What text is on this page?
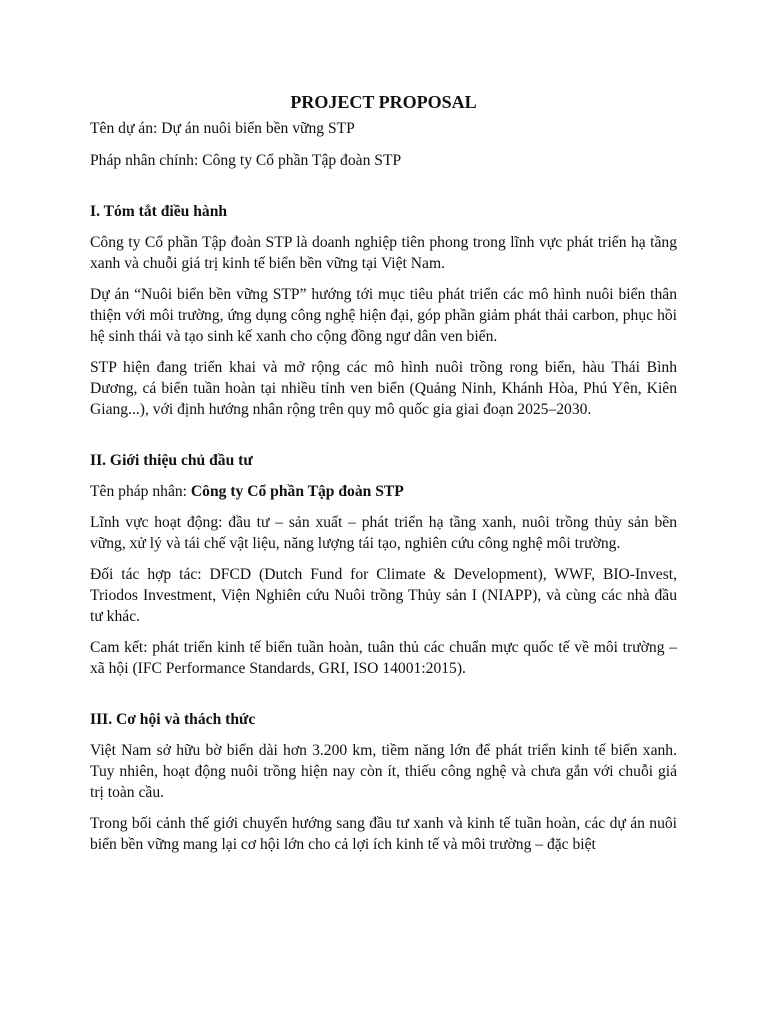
PROJECT PROPOSAL

Tên dự án: Dự án nuôi biển bền vững STP

Pháp nhân chính: Công ty Cổ phần Tập đoàn STP

I. Tóm tắt điều hành

Công ty Cổ phần Tập đoàn STP là doanh nghiệp tiên phong trong lĩnh vực phát triển hạ tầng xanh và chuỗi giá trị kinh tế biển bền vững tại Việt Nam.

Dự án “Nuôi biển bền vững STP” hướng tới mục tiêu phát triển các mô hình nuôi biển thân thiện với môi trường, ứng dụng công nghệ hiện đại, góp phần giảm phát thải carbon, phục hồi hệ sinh thái và tạo sinh kế xanh cho cộng đồng ngư dân ven biển.

STP hiện đang triển khai và mở rộng các mô hình nuôi trồng rong biển, hàu Thái Bình Dương, cá biển tuần hoàn tại nhiều tỉnh ven biển (Quảng Ninh, Khánh Hòa, Phú Yên, Kiên Giang...), với định hướng nhân rộng trên quy mô quốc gia giai đoạn 2025–2030.

II. Giới thiệu chủ đầu tư

Tên pháp nhân: Công ty Cổ phần Tập đoàn STP

Lĩnh vực hoạt động: đầu tư – sản xuất – phát triển hạ tầng xanh, nuôi trồng thủy sản bền vững, xử lý và tái chế vật liệu, năng lượng tái tạo, nghiên cứu công nghệ môi trường.

Đối tác hợp tác: DFCD (Dutch Fund for Climate & Development), WWF, BIO-Invest, Triodos Investment, Viện Nghiên cứu Nuôi trồng Thủy sản I (NIAPP), và cùng các nhà đầu tư khác.

Cam kết: phát triển kinh tế biển tuần hoàn, tuân thủ các chuẩn mực quốc tế về môi trường – xã hội (IFC Performance Standards, GRI, ISO 14001:2015).

III. Cơ hội và thách thức

Việt Nam sở hữu bờ biển dài hơn 3.200 km, tiềm năng lớn để phát triển kinh tế biển xanh. Tuy nhiên, hoạt động nuôi trồng hiện nay còn ít, thiếu công nghệ và chưa gắn với chuỗi giá trị toàn cầu.

Trong bối cảnh thế giới chuyển hướng sang đầu tư xanh và kinh tế tuần hoàn, các dự án nuôi biển bền vững mang lại cơ hội lớn cho cả lợi ích kinh tế và môi trường – đặc biệt
